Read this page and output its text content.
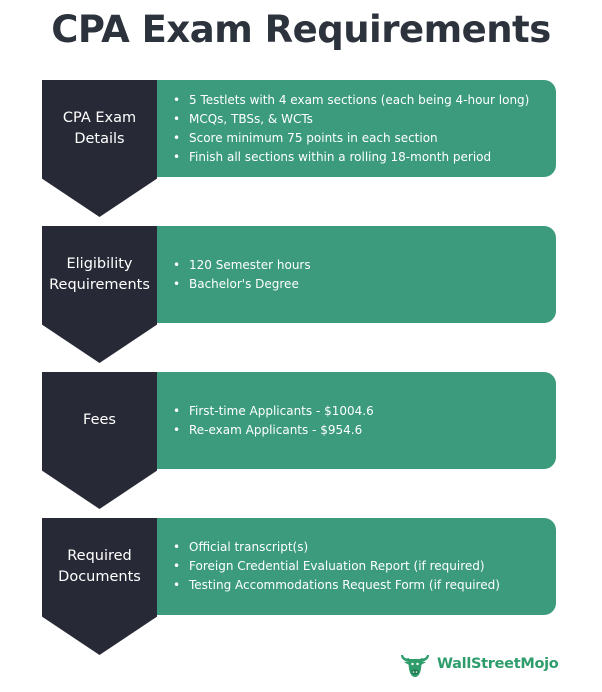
CPA Exam Requirements
CPA Exam
Details
• 5 Testlets with 4 exam sections (each being 4-hour long)
• MCQs, TBSs, & WCTs
• Score minimum 75 points in each section
• Finish all sections within a rolling 18-month period
Eligibility
Requirements
• 120 Semester hours
• Bachelor's Degree
Fees
• First-time Applicants - $1004.6
• Re-exam Applicants - $954.6
Required
Documents
• Official transcript(s)
• Foreign Credential Evaluation Report (if required)
• Testing Accommodations Request Form (if required)
WallStreetMojo
